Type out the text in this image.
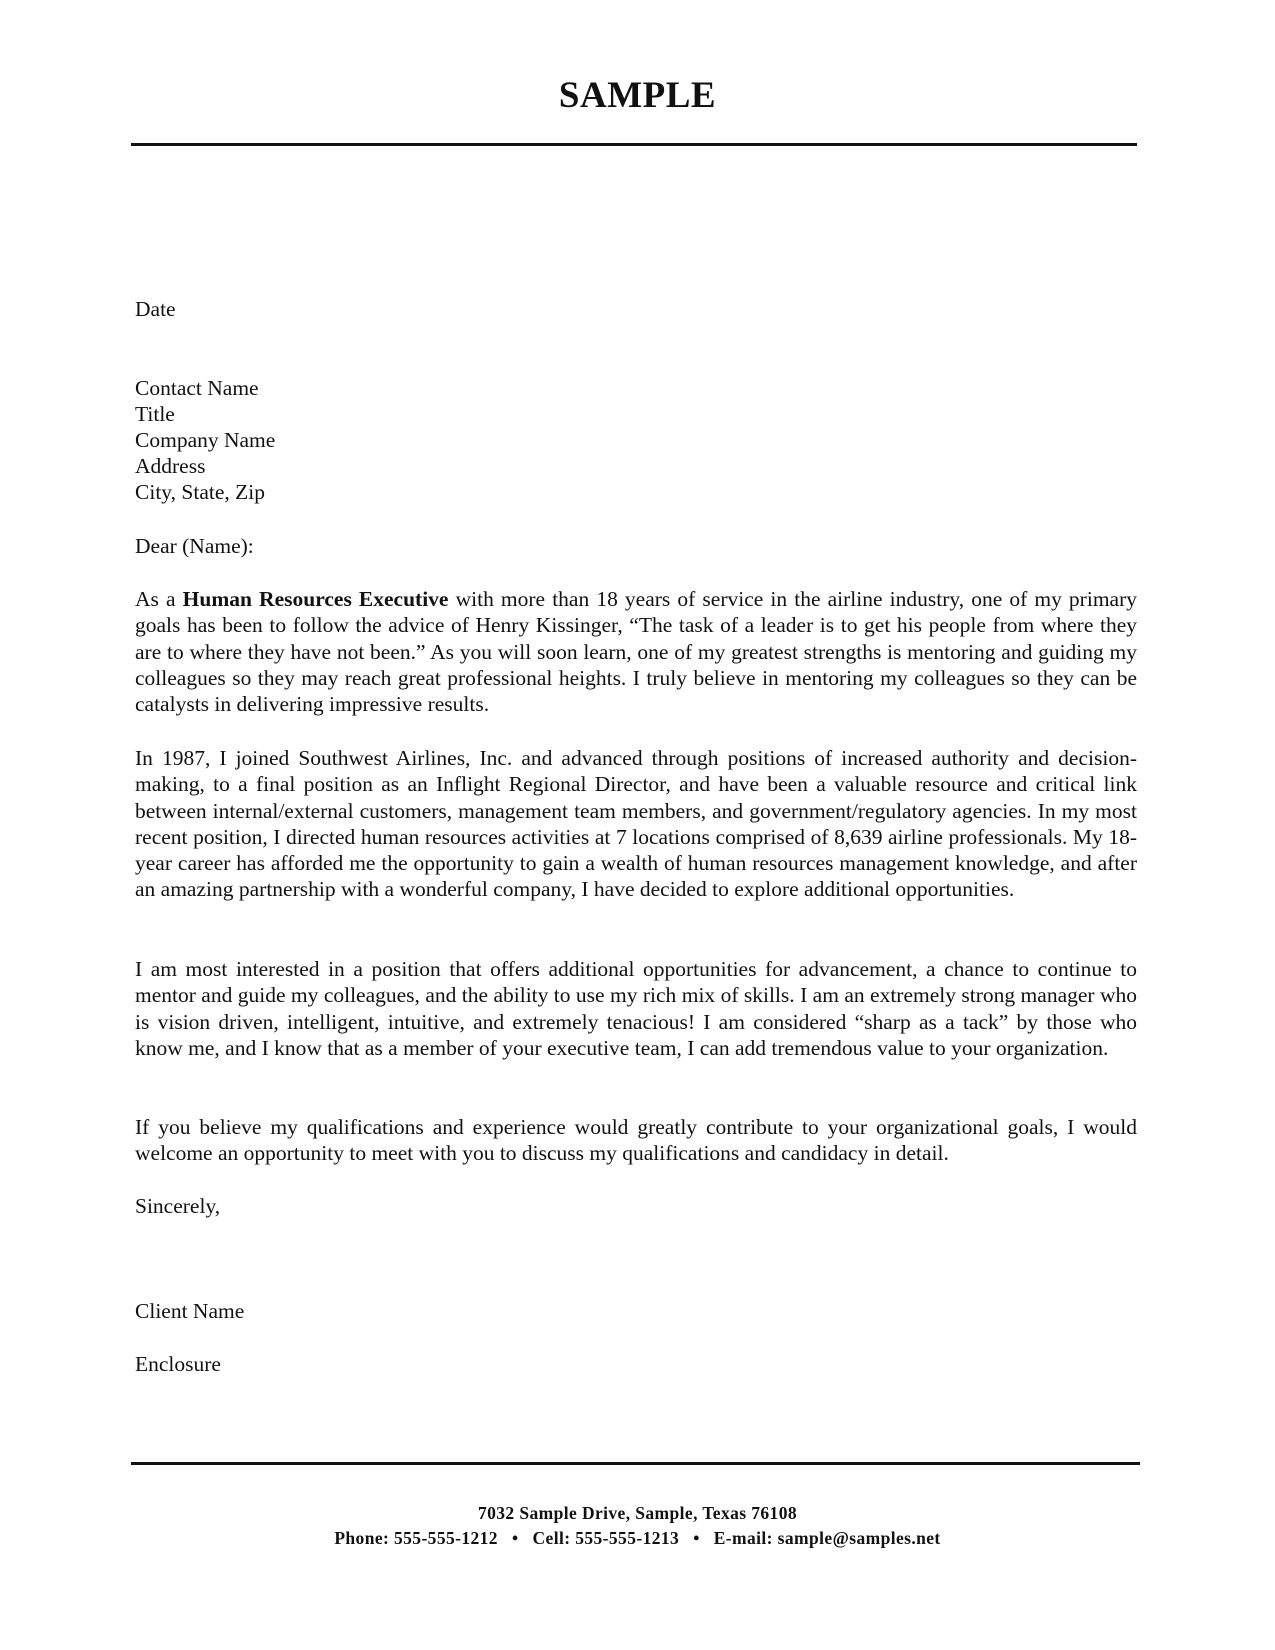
SAMPLE
Date
Contact Name
Title
Company Name
Address
City, State, Zip
Dear (Name):
As a Human Resources Executive with more than 18 years of service in the airline industry, one of my primary goals has been to follow the advice of Henry Kissinger, “The task of a leader is to get his people from where they are to where they have not been.” As you will soon learn, one of my greatest strengths is mentoring and guiding my colleagues so they may reach great professional heights. I truly believe in mentoring my colleagues so they can be catalysts in delivering impressive results.
In 1987, I joined Southwest Airlines, Inc. and advanced through positions of increased authority and decision-making, to a final position as an Inflight Regional Director, and have been a valuable resource and critical link between internal/external customers, management team members, and government/regulatory agencies. In my most recent position, I directed human resources activities at 7 locations comprised of 8,639 airline professionals. My 18-year career has afforded me the opportunity to gain a wealth of human resources management knowledge, and after an amazing partnership with a wonderful company, I have decided to explore additional opportunities.
I am most interested in a position that offers additional opportunities for advancement, a chance to continue to mentor and guide my colleagues, and the ability to use my rich mix of skills. I am an extremely strong manager who is vision driven, intelligent, intuitive, and extremely tenacious! I am considered “sharp as a tack” by those who know me, and I know that as a member of your executive team, I can add tremendous value to your organization.
If you believe my qualifications and experience would greatly contribute to your organizational goals, I would welcome an opportunity to meet with you to discuss my qualifications and candidacy in detail.
Sincerely,
Client Name
Enclosure
7032 Sample Drive, Sample, Texas 76108
Phone: 555-555-1212 • Cell: 555-555-1213 • E-mail: sample@samples.net
